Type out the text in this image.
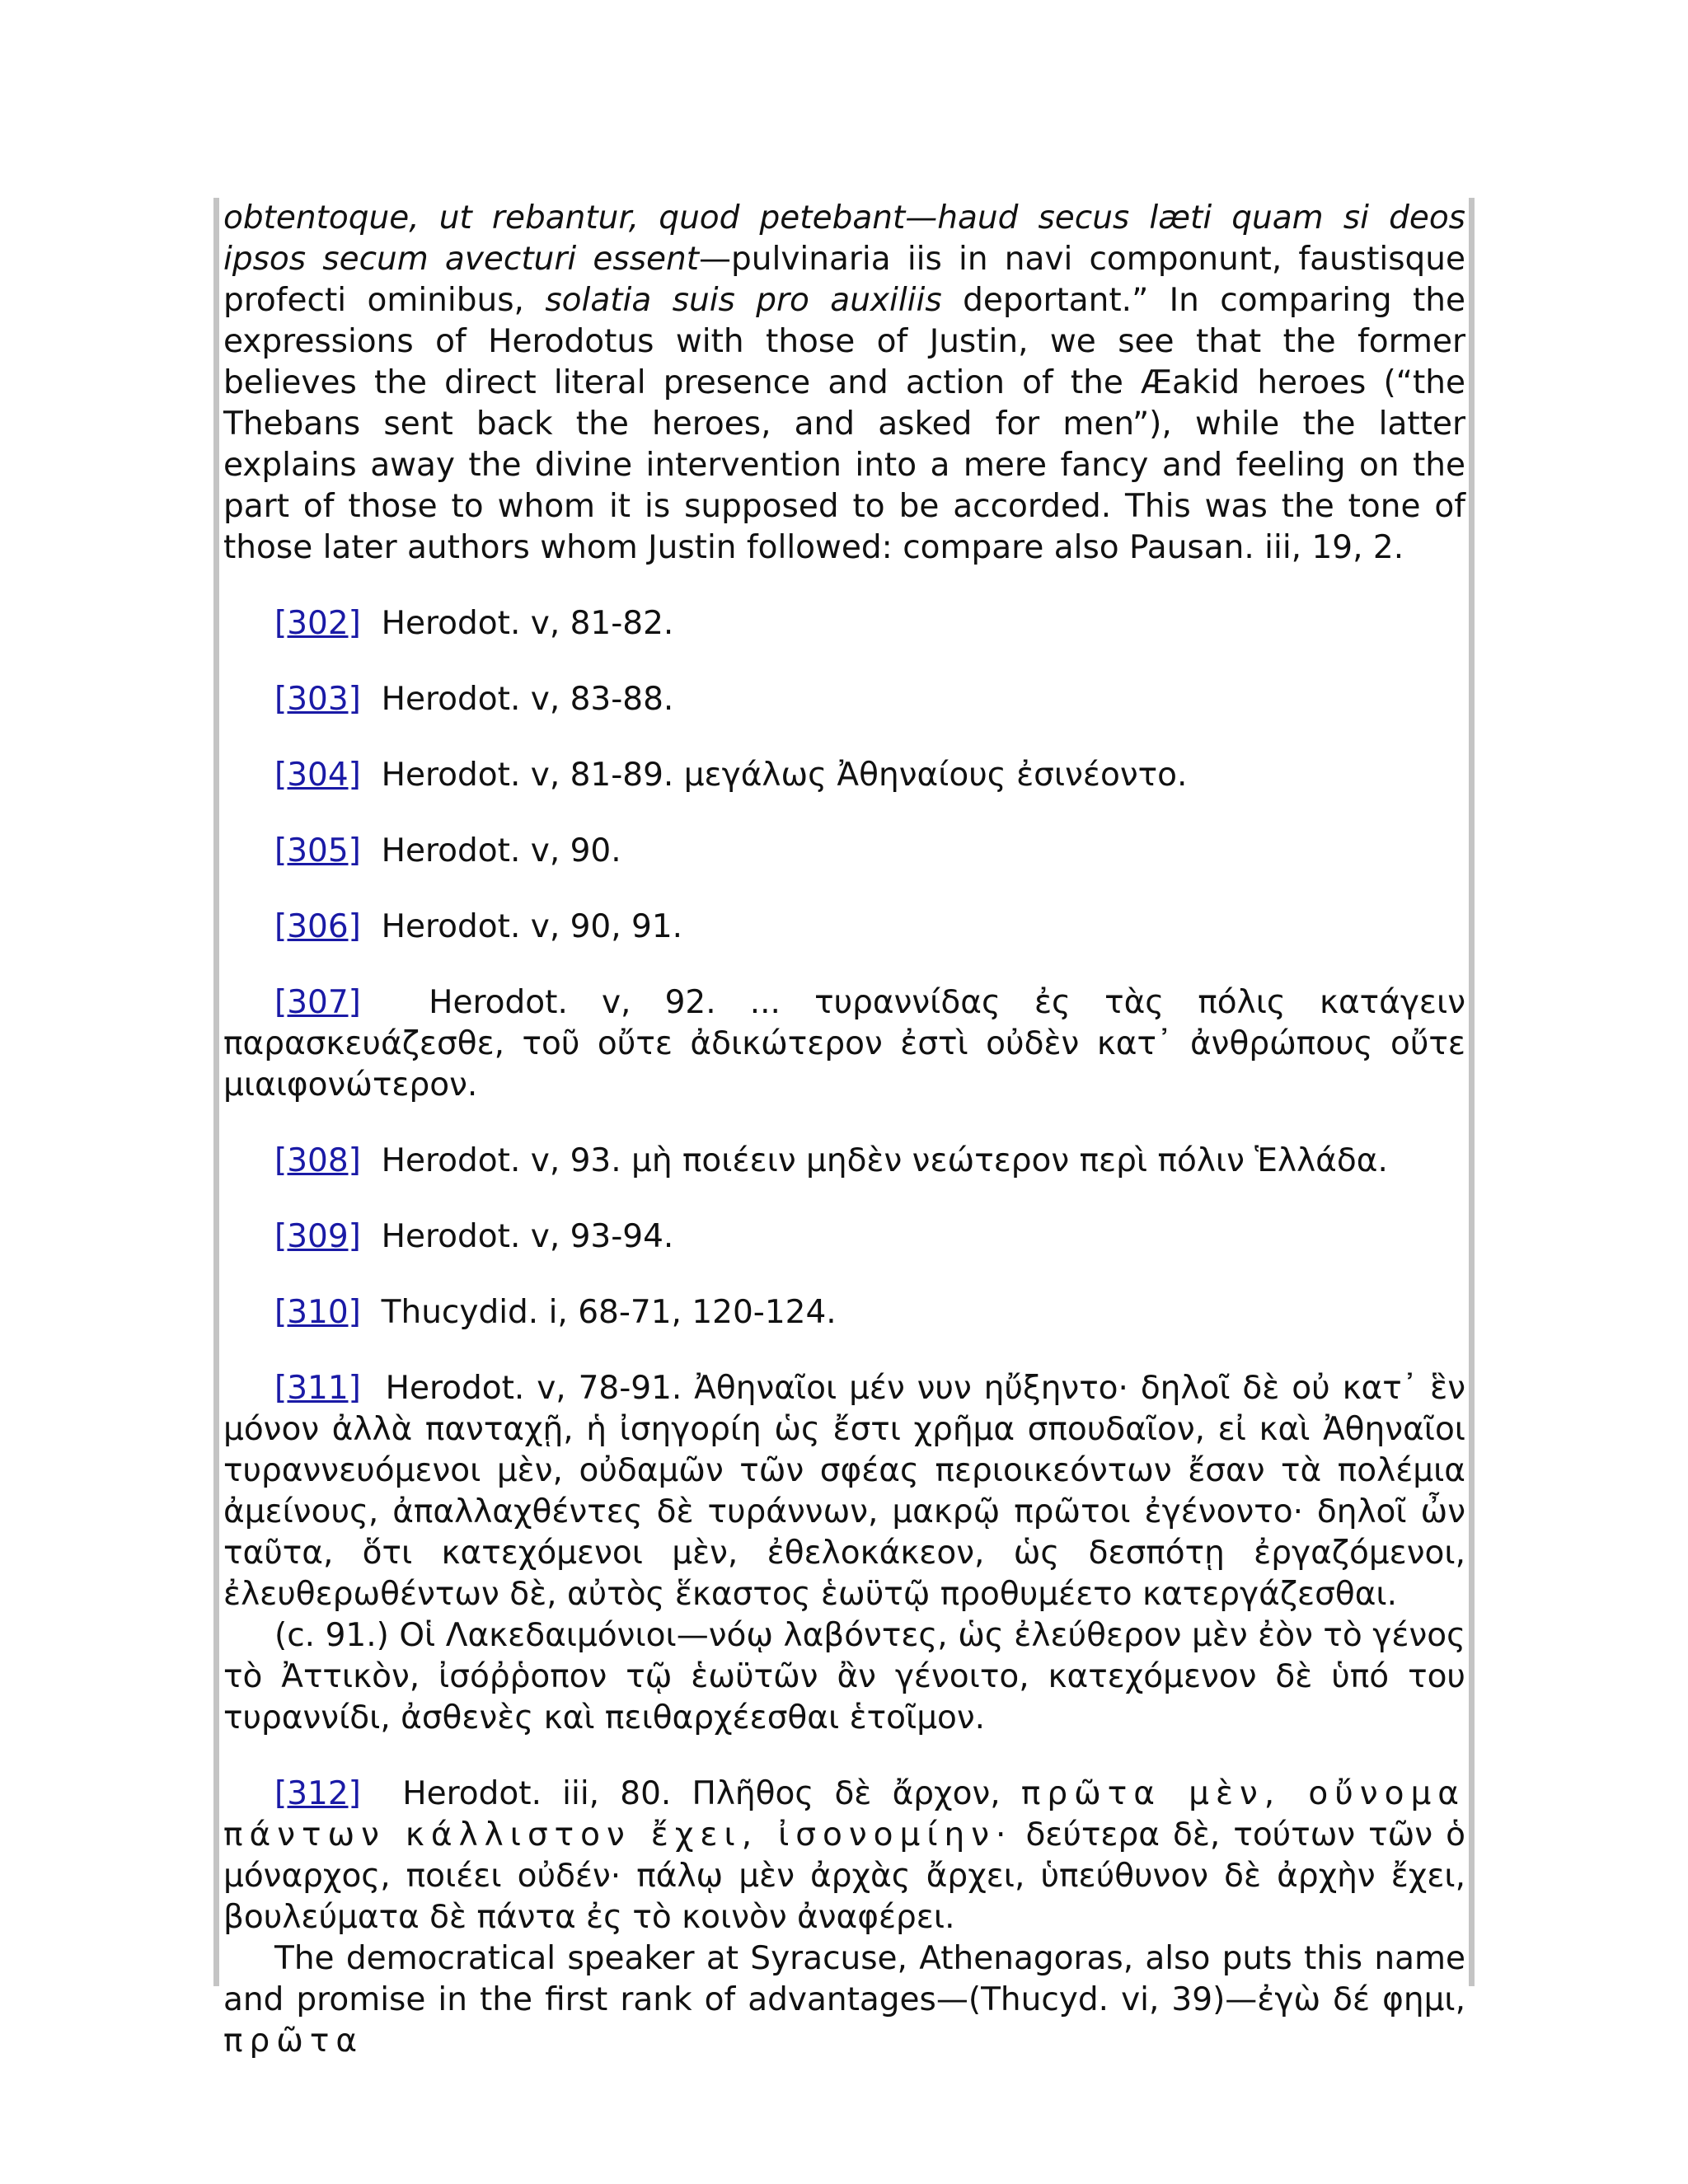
obtentoque, ut rebantur, quod petebant—haud secus læti quam si deos ipsos secum avecturi essent—pulvinaria iis in navi componunt, faustisque profecti ominibus, solatia suis pro auxiliis deportant.” In comparing the expressions of Herodotus with those of Justin, we see that the former believes the direct literal presence and action of the Æakid heroes (“the Thebans sent back the heroes, and asked for men”), while the latter explains away the divine intervention into a mere fancy and feeling on the part of those to whom it is supposed to be accorded. This was the tone of those later authors whom Justin followed: compare also Pausan. iii, 19, 2.

[302] Herodot. v, 81-82.

[303] Herodot. v, 83-88.

[304] Herodot. v, 81-89. μεγάλως Ἀθηναίους ἐσινέοντο.

[305] Herodot. v, 90.

[306] Herodot. v, 90, 91.

[307] Herodot. v, 92. ... τυραννίδας ἐς τὰς πόλις κατάγειν παρασκευάζεσθε, τοῦ οὔτε ἀδικώτερον ἐστὶ οὐδὲν κατ᾽ ἀνθρώπους οὔτε μιαιφονώτερον.

[308] Herodot. v, 93. μὴ ποιέειν μηδὲν νεώτερον περὶ πόλιν Ἑλλάδα.

[309] Herodot. v, 93-94.

[310] Thucydid. i, 68-71, 120-124.

[311] Herodot. v, 78-91. Ἀθηναῖοι μέν νυν ηὔξηντο· δηλοῖ δὲ οὐ κατ᾽ ἓν μόνον ἀλλὰ πανταχῇ, ἡ ἰσηγορίη ὡς ἔστι χρῆμα σπουδαῖον, εἰ καὶ Ἀθηναῖοι τυραννευόμενοι μὲν, οὐδαμῶν τῶν σφέας περιοικεόντων ἔσαν τὰ πολέμια ἀμείνους, ἀπαλλαχθέντες δὲ τυράννων, μακρῷ πρῶτοι ἐγένοντο· δηλοῖ ὦν ταῦτα, ὅτι κατεχόμενοι μὲν, ἐθελοκάκεον, ὡς δεσπότῃ ἐργαζόμενοι, ἐλευθερωθέντων δὲ, αὐτὸς ἕκαστος ἑωϋτῷ προθυμέετο κατεργάζεσθαι.

(c. 91.) Οἱ Λακεδαιμόνιοι—νόῳ λαβόντες, ὡς ἐλεύθερον μὲν ἐὸν τὸ γένος τὸ Ἀττικὸν, ἰσόῤῥοπον τῷ ἑωϋτῶν ἂν γένοιτο, κατεχόμενον δὲ ὑπό του τυραννίδι, ἀσθενὲς καὶ πειθαρχέεσθαι ἑτοῖμον.

[312] Herodot. iii, 80. Πλῆθος δὲ ἄρχον, πρῶτα μὲν, οὔνομα πάντων κάλλιστον ἔχει, ἰσονομίην· δεύτερα δὲ, τούτων τῶν ὁ μόναρχος, ποιέει οὐδέν· πάλῳ μὲν ἀρχὰς ἄρχει, ὑπεύθυνον δὲ ἀρχὴν ἔχει, βουλεύματα δὲ πάντα ἐς τὸ κοινὸν ἀναφέρει.

The democratical speaker at Syracuse, Athenagoras, also puts this name and promise in the first rank of advantages—(Thucyd. vi, 39)—ἐγὼ δέ φημι, πρῶτα
